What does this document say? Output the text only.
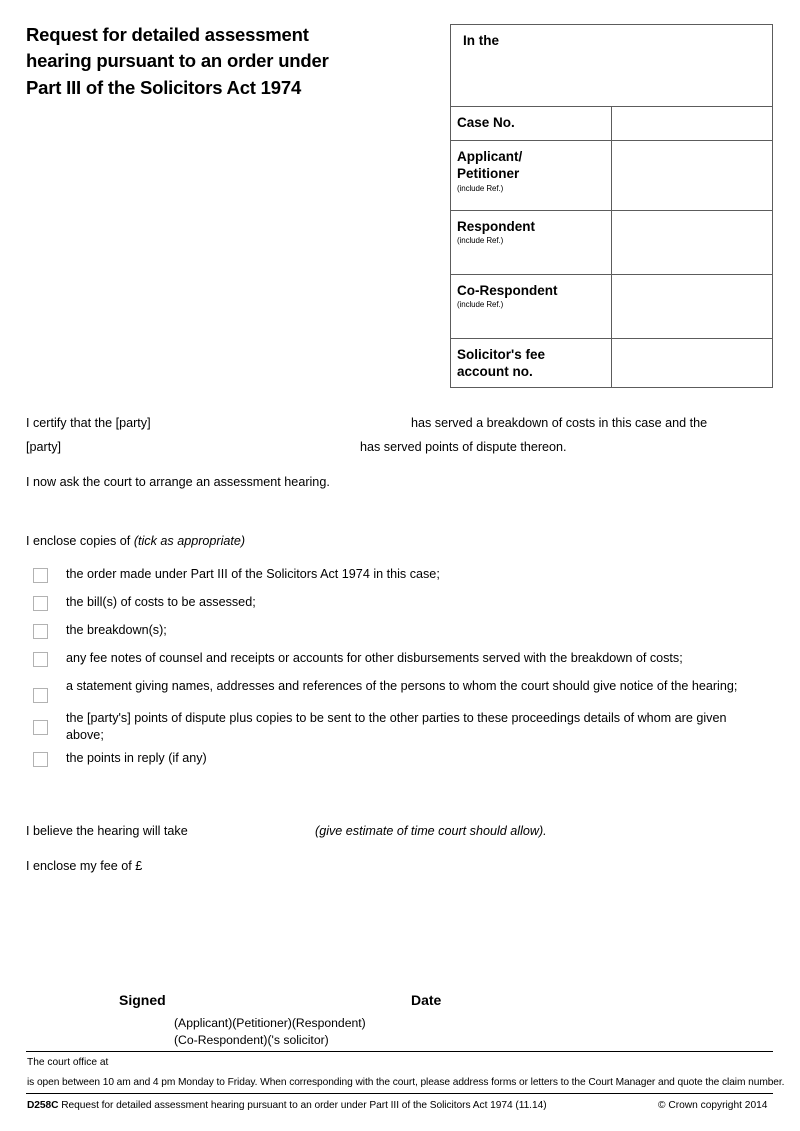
Request for detailed assessment
hearing pursuant to an order under
Part III of the Solicitors Act 1974
In the	
Case No.	
Applicant/
Petitioner
(include Ref.)	

Respondent
(include Ref.)	

Co-Respondent
(include Ref.)	

Solicitor's fee
account no.	
I certify that the [party]	has served a breakdown of costs in this case and the
[party]	has served points of dispute thereon.
I now ask the court to arrange an assessment hearing.
I enclose copies of (tick as appropriate)
the order made under Part III of the Solicitors Act 1974 in this case;
the bill(s) of costs to be assessed;
the breakdown(s);
any fee notes of counsel and receipts or accounts for other disbursements served with the breakdown of costs;
a statement giving names, addresses and references of the persons to whom the court should give notice of the hearing;
the [party's] points of dispute plus copies to be sent to the other parties to these proceedings details of whom are given above;
the points in reply (if any)
I believe the hearing will take	(give estimate of time court should allow).
I enclose my fee of £
Signed	Date
(Applicant)(Petitioner)(Respondent)
(Co-Respondent)('s solicitor)
The court office at
is open between 10 am and 4 pm Monday to Friday. When corresponding with the court, please address forms or letters to the Court Manager and quote the claim number.
D258C Request for detailed assessment hearing pursuant to an order under Part III of the Solicitors Act 1974 (11.14)	© Crown copyright 2014
